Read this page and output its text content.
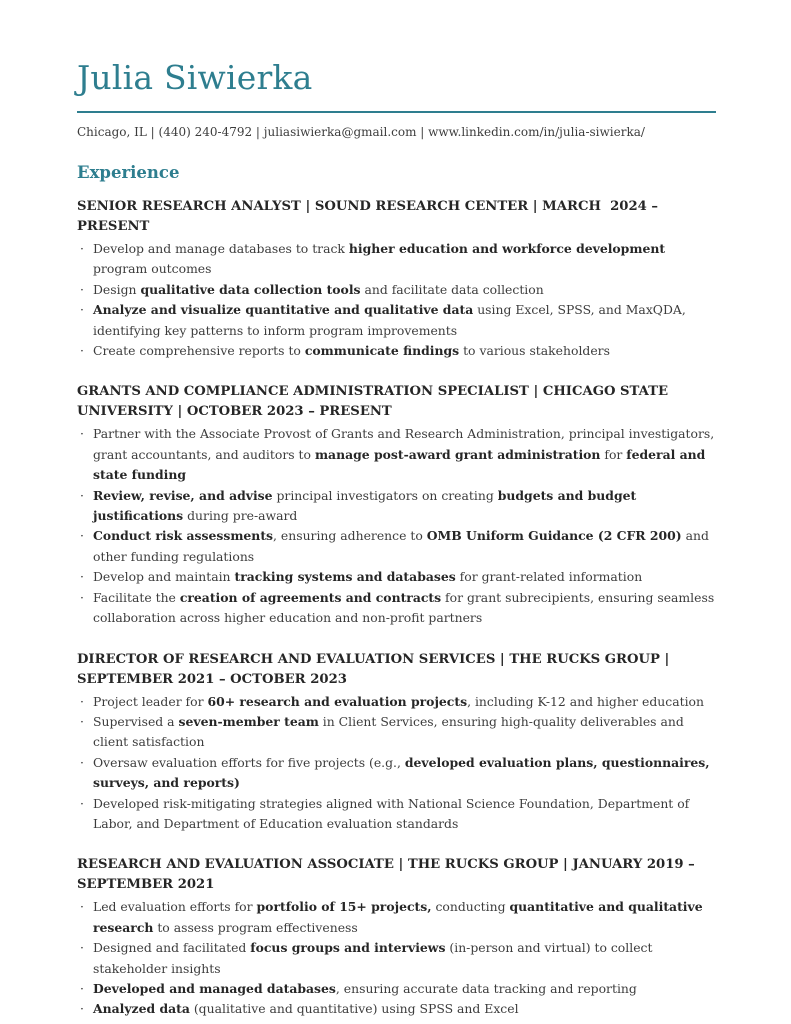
Julia Siwierka

Chicago, IL | (440) 240-4792 | juliasiwierka@gmail.com | www.linkedin.com/in/julia-siwierka/

Experience
SENIOR RESEARCH ANALYST | SOUND RESEARCH CENTER | MARCH  2024 – PRESENT
· Develop and manage databases to track higher education and workforce development program outcomes
· Design qualitative data collection tools and facilitate data collection
· Analyze and visualize quantitative and qualitative data using Excel, SPSS, and MaxQDA, identifying key patterns to inform program improvements
· Create comprehensive reports to communicate findings to various stakeholders
GRANTS AND COMPLIANCE ADMINISTRATION SPECIALIST | CHICAGO STATE UNIVERSITY | OCTOBER 2023 – PRESENT
· Partner with the Associate Provost of Grants and Research Administration, principal investigators, grant accountants, and auditors to manage post-award grant administration for federal and state funding
· Review, revise, and advise principal investigators on creating budgets and budget justifications during pre-award
· Conduct risk assessments, ensuring adherence to OMB Uniform Guidance (2 CFR 200) and other funding regulations
· Develop and maintain tracking systems and databases for grant-related information
· Facilitate the creation of agreements and contracts for grant subrecipients, ensuring seamless collaboration across higher education and non-profit partners
DIRECTOR OF RESEARCH AND EVALUATION SERVICES | THE RUCKS GROUP | SEPTEMBER 2021 – OCTOBER 2023
· Project leader for 60+ research and evaluation projects, including K-12 and higher education
· Supervised a seven-member team in Client Services, ensuring high-quality deliverables and client satisfaction
· Oversaw evaluation efforts for five projects (e.g., developed evaluation plans, questionnaires, surveys, and reports)
· Developed risk-mitigating strategies aligned with National Science Foundation, Department of Labor, and Department of Education evaluation standards
RESEARCH AND EVALUATION ASSOCIATE | THE RUCKS GROUP | JANUARY 2019 – SEPTEMBER 2021
· Led evaluation efforts for portfolio of 15+ projects, conducting quantitative and qualitative research to assess program effectiveness
· Designed and facilitated focus groups and interviews (in-person and virtual) to collect stakeholder insights
· Developed and managed databases, ensuring accurate data tracking and reporting
· Analyzed data (qualitative and quantitative) using SPSS and Excel
